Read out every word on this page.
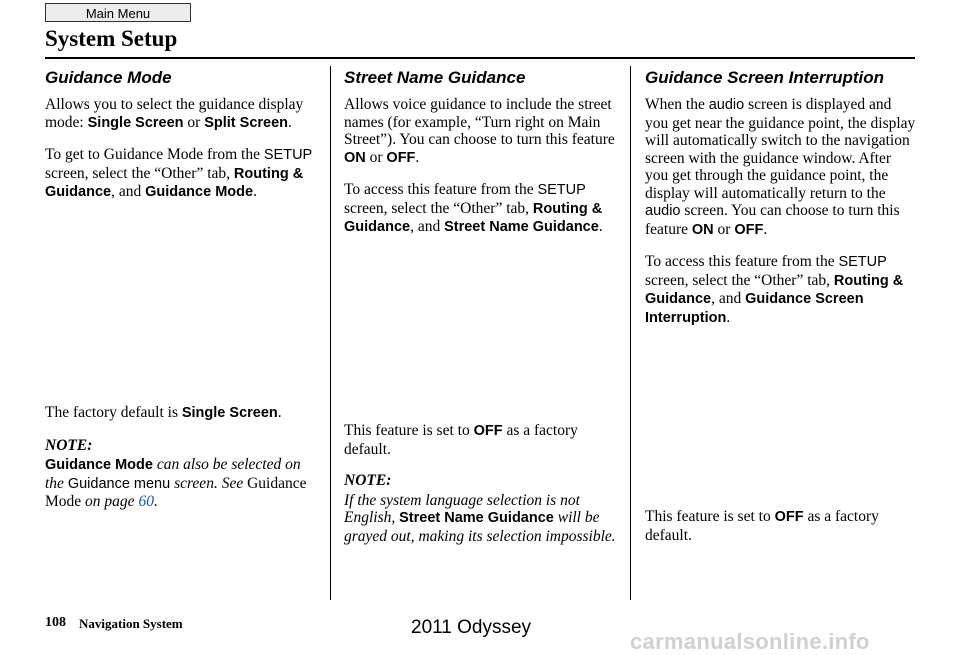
Main Menu
System Setup
Guidance Mode

Allows you to select the guidance display mode: Single Screen or Split Screen.

To get to Guidance Mode from the SETUP screen, select the “Other” tab, Routing & Guidance, and Guidance Mode.

The factory default is Single Screen.

NOTE:

Guidance Mode can also be selected on the Guidance menu screen. See Guidance Mode on page 60.

Street Name Guidance

Allows voice guidance to include the street names (for example, “Turn right on Main Street”). You can choose to turn this feature ON or OFF.

To access this feature from the SETUP screen, select the “Other” tab, Routing & Guidance, and Street Name Guidance.

This feature is set to OFF as a factory default.

NOTE:

If the system language selection is not English, Street Name Guidance will be grayed out, making its selection impossible.

Guidance Screen Interruption

When the audio screen is displayed and you get near the guidance point, the display will automatically switch to the navigation screen with the guidance window. After you get through the guidance point, the display will automatically return to the audio screen. You can choose to turn this feature ON or OFF.

To access this feature from the SETUP screen, select the “Other” tab, Routing & Guidance, and Guidance Screen Interruption.

This feature is set to OFF as a factory default.

108 Navigation System	2011 Odyssey
carmanualsonline.info
